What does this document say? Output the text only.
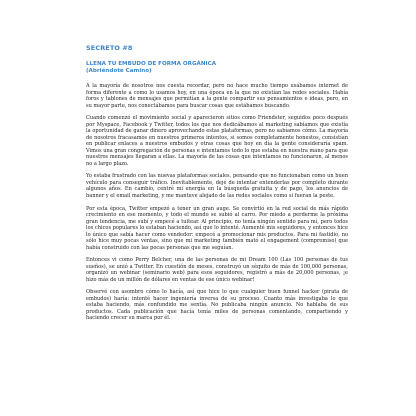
SECRETO #8
LLENA TU EMBUDO DE FORMA ORGÁNICA
(Abriéndote Camino)

A la mayoría de nosotros nos cuesta recordar, pero no hace mucho tiempo usábamos internet de forma diferente a como lo usamos hoy, en una época en la que no existían las redes sociales. Había foros y tablones de mensajes que permitían a la gente compartir sus pensamientos e ideas, pero, en su mayor parte, nos conectábamos para buscar cosas que estábamos buscando.

Cuando comenzó el movimiento social y aparecieron sitios como Friendster, seguidos poco después por Myspace, Facebook y Twitter, todos los que nos dedicábamos al marketing sabíamos que existía la oportunidad de ganar dinero aprovechando estas plataformas, pero no sabíamos cómo. La mayoría de nosotros fracasamos en nuestros primeros intentos, si somos completamente honestos, consistían en publicar enlaces a nuestros embudos y otras cosas que hoy en día la gente consideraría spam. Vimos una gran congregación de personas e intentamos todo lo que estaba en nuestra mano para que nuestros mensajes llegaran a ellas. La mayoría de las cosas que intentamos no funcionaron, al menos no a largo plazo.

Yo estaba frustrado con las nuevas plataformas sociales, pensando que no funcionaban como un buen vehículo para conseguir tráfico. Inevitablemente, dejé de intentar entenderlas por completo durante algunos años. En cambio, centré mi energía en la búsqueda gratuita y de pago, los anuncios de banner y el email marketing, y me mantuve alejado de las redes sociales como si fueran la peste.

Por esta época, Twitter empezó a tener un gran auge. Se convirtió en la red social de más rápido crecimiento en ese momento, y todo el mundo se subió al carro. Por miedo a perderme la próxima gran tendencia, me subí y empecé a tuitear. Al principio, no tenía ningún sentido para mí, pero todos los chicos populares lo estaban haciendo, así que lo intenté. Aumenté mis seguidores, y entonces hice lo único que sabía hacer como vendedor: empecé a promocionar mis productos. Para mi fastidio, no sólo hice muy pocas ventas, sino que mi marketing también mató el engagement (compromiso) que había construido con las pocas personas que me seguían.

Entonces vi como Perry Belcher, una de las personas de mi Dream 100 (Las 100 personas de tus sueños), se unió a Twitter. En cuestión de meses, construyó un séquito de más de 100,000 personas, organizó un webinar (seminario web) para esos seguidores, registró a más de 20,000 personas, ¡e hizo más de un millón de dólares en ventas de ese único webinar!

Observé con asombro cómo lo hacía, así que hice lo que cualquier buen funnel hacker (pirata de embudos) haría: intenté hacer ingeniería inversa de su proceso. Cuanto más investigaba lo que estaba haciendo, más confundido me sentía. No publicaba ningún anuncio. No hablaba de sus productos. Cada publicación que hacía tenía miles de personas comentando, compartiendo y haciendo crecer su marca por él.
